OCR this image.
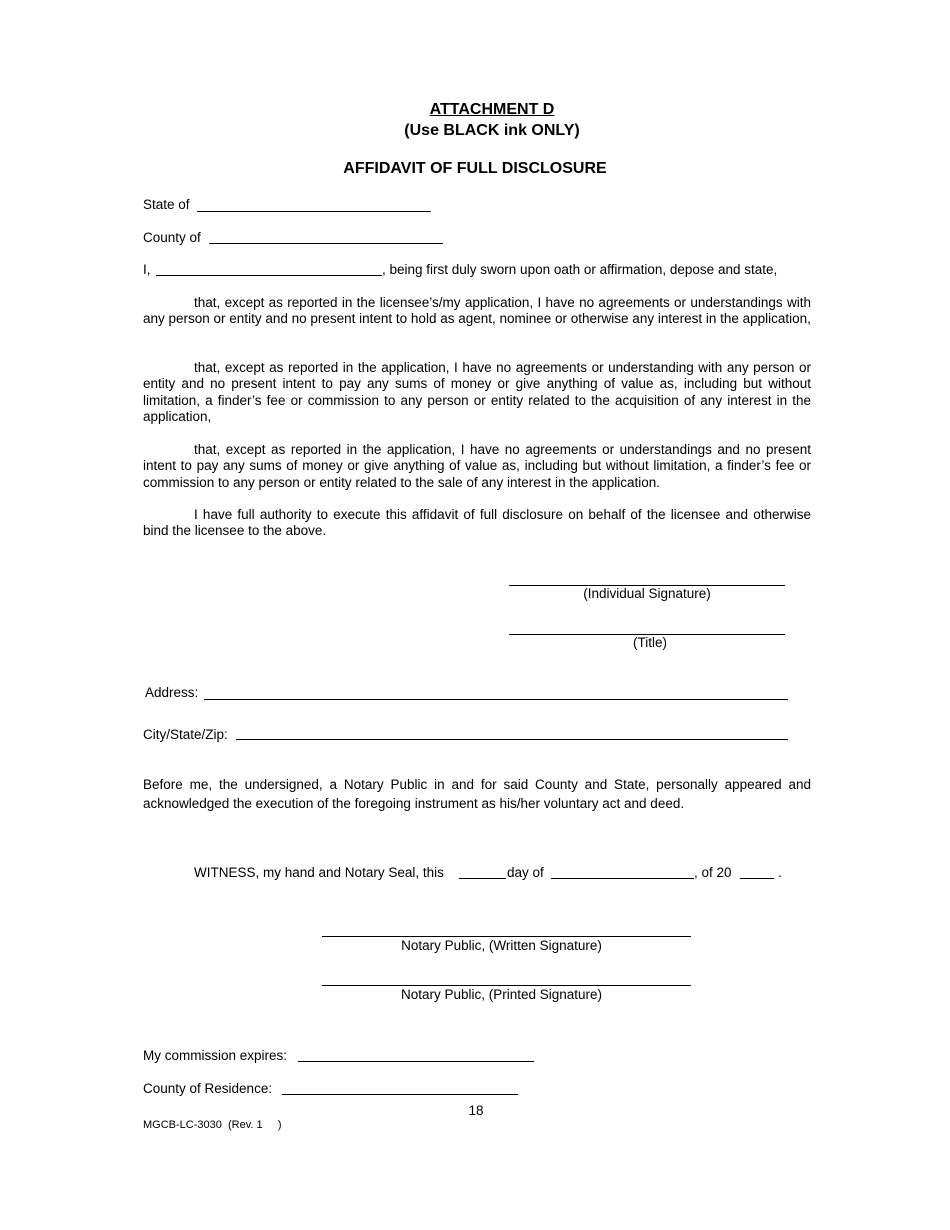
ATTACHMENT D
(Use BLACK ink ONLY)
AFFIDAVIT OF FULL DISCLOSURE
State of
County of
I,	, being first duly sworn upon oath or affirmation, depose and state,
that, except as reported in the licensee’s/my application, I have no agreements or understandings with any person or entity and no present intent to hold as agent, nominee or otherwise any interest in the application,
that, except as reported in the application, I have no agreements or understanding with any person or entity and no present intent to pay any sums of money or give anything of value as, including but without limitation, a finder’s fee or commission to any person or entity related to the acquisition of any interest in the application,
that, except as reported in the application, I have no agreements or understandings and no present intent to pay any sums of money or give anything of value as, including but without limitation, a finder’s fee or commission to any person or entity related to the sale of any interest in the application.
I have full authority to execute this affidavit of full disclosure on behalf of the licensee and otherwise bind the licensee to the above.
(Individual Signature)
(Title)
Address:
City/State/Zip:
Before me, the undersigned, a Notary Public in and for said County and State, personally appeared and acknowledged the execution of the foregoing instrument as his/her voluntary act and deed.
WITNESS, my hand and Notary Seal, this	day of	, of 20	.
Notary Public, (Written Signature)
Notary Public, (Printed Signature)
My commission expires:
County of Residence:
18
MGCB-LC-3030  (Rev. 1     )
